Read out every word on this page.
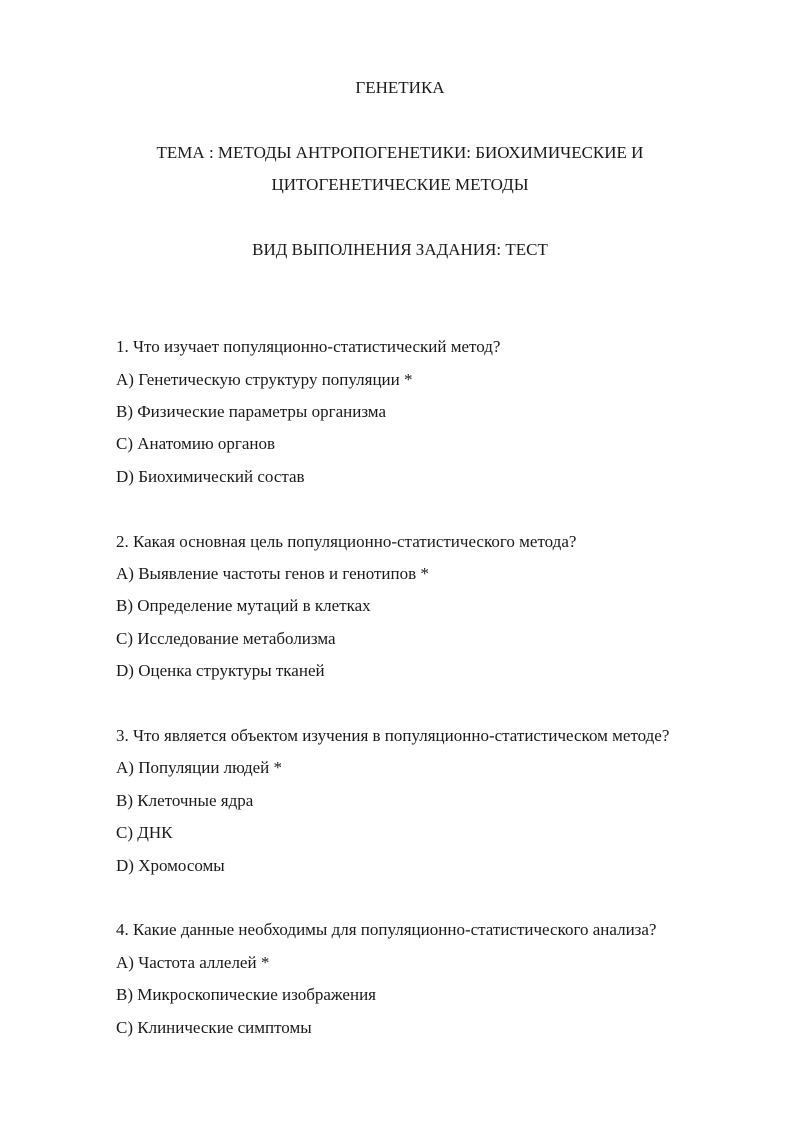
ГЕНЕТИКА
ТЕМА : МЕТОДЫ АНТРОПОГЕНЕТИКИ: БИОХИМИЧЕСКИЕ И
ЦИТОГЕНЕТИЧЕСКИЕ МЕТОДЫ
ВИД ВЫПОЛНЕНИЯ ЗАДАНИЯ: ТЕСТ
1. Что изучает популяционно-статистический метод?
A) Генетическую структуру популяции *
B) Физические параметры организма
C) Анатомию органов
D) Биохимический состав
2. Какая основная цель популяционно-статистического метода?
A) Выявление частоты генов и генотипов *
B) Определение мутаций в клетках
C) Исследование метаболизма
D) Оценка структуры тканей
3. Что является объектом изучения в популяционно-статистическом методе?
A) Популяции людей *
B) Клеточные ядра
C) ДНК
D) Хромосомы
4. Какие данные необходимы для популяционно-статистического анализа?
A) Частота аллелей *
B) Микроскопические изображения
C) Клинические симптомы
